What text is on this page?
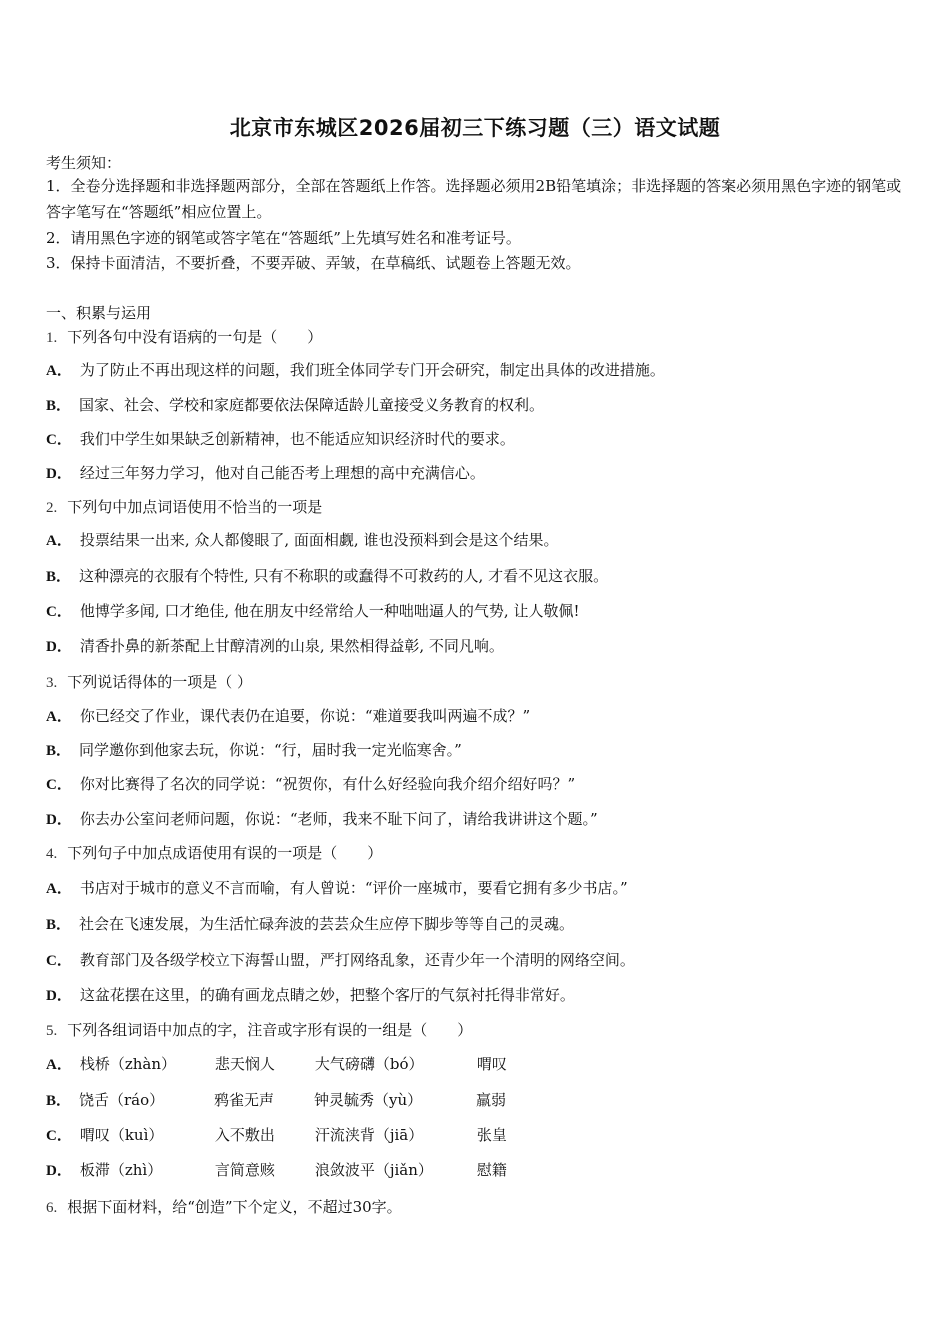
北京市东城区2026届初三下练习题（三）语文试题
考生须知：
1．全卷分选择题和非选择题两部分，全部在答题纸上作答。选择题必须用2B铅笔填涂；非选择题的答案必须用黑色字迹的钢笔或答字笔写在“答题纸”相应位置上。
2．请用黑色字迹的钢笔或答字笔在“答题纸”上先填写姓名和准考证号。
3．保持卡面清洁，不要折叠，不要弄破、弄皱，在草稿纸、试题卷上答题无效。
一、积累与运用
1. 下列各句中没有语病的一句是（　　）
A． 为了防止不再出现这样的问题，我们班全体同学专门开会研究，制定出具体的改进措施。
B． 国家、社会、学校和家庭都要依法保障适龄儿童接受义务教育的权利。
C． 我们中学生如果缺乏创新精神，也不能适应知识经济时代的要求。
D． 经过三年努力学习，他对自己能否考上理想的高中充满信心。
2. 下列句中加点词语使用不恰当的一项是
A． 投票结果一出来, 众人都傻眼了, 面面相觑, 谁也没预料到会是这个结果。
B． 这种漂亮的衣服有个特性, 只有不称职的或蠢得不可救药的人, 才看不见这衣服。
C． 他博学多闻, 口才绝佳, 他在朋友中经常给人一种咄咄逼人的气势, 让人敬佩!
D． 清香扑鼻的新茶配上甘醇清冽的山泉, 果然相得益彰, 不同凡响。
3. 下列说话得体的一项是（ ）
A． 你已经交了作业，课代表仍在追要，你说：“难道要我叫两遍不成？”
B． 同学邀你到他家去玩，你说：“行，届时我一定光临寒舍。”
C． 你对比赛得了名次的同学说：“祝贺你，有什么好经验向我介绍介绍好吗？”
D． 你去办公室问老师问题，你说：“老师，我来不耻下问了，请给我讲讲这个题。”
4. 下列句子中加点成语使用有误的一项是（　　）
A． 书店对于城市的意义不言而喻，有人曾说：“评价一座城市，要看它拥有多少书店。”
B． 社会在飞速发展，为生活忙碌奔波的芸芸众生应停下脚步等等自己的灵魂。
C． 教育部门及各级学校立下海誓山盟，严打网络乱象，还青少年一个清明的网络空间。
D． 这盆花摆在这里，的确有画龙点睛之妙，把整个客厅的气氛衬托得非常好。
5. 下列各组词语中加点的字，注音或字形有误的一组是（　　）
A． 栈桥（zhàn）	悲天悯人	大气磅礴（bó）	喟叹
B． 饶舌（ráo）	鸦雀无声	钟灵毓秀（yù）	羸弱
C． 喟叹（kuì）	入不敷出	汗流浃背（jiā）	张皇
D． 板滞（zhì）	言简意赅	浪敛波平（jiǎn）	慰籍
6. 根据下面材料，给“创造”下个定义，不超过30字。
